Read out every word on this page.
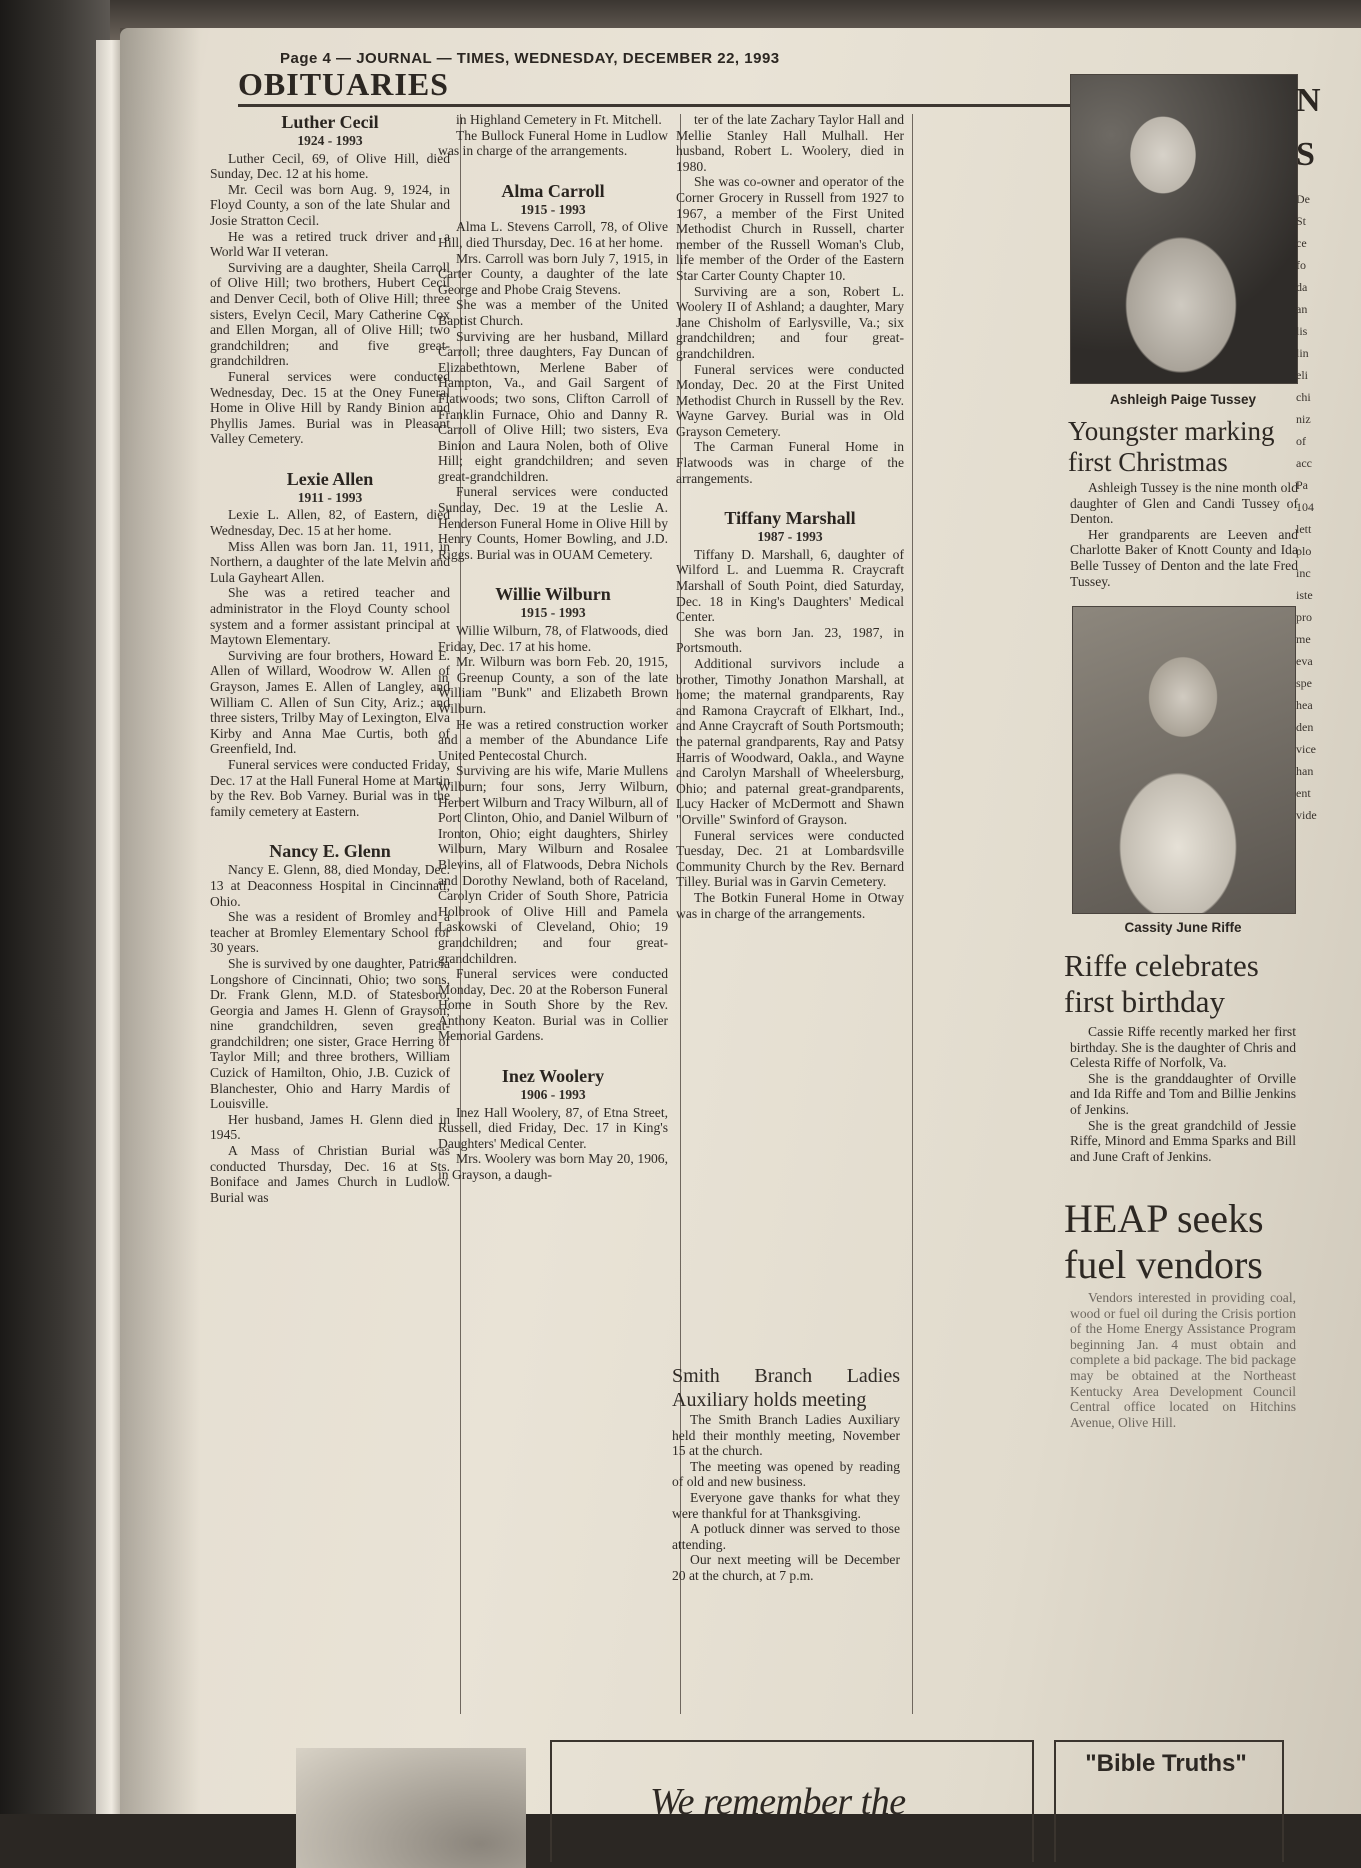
Page 4 — JOURNAL — TIMES, WEDNESDAY, DECEMBER 22, 1993
OBITUARIES
Luther Cecil
1924 - 1993

Luther Cecil, 69, of Olive Hill, died Sunday, Dec. 12 at his home.

Mr. Cecil was born Aug. 9, 1924, in Floyd County, a son of the late Shular and Josie Stratton Cecil.

He was a retired truck driver and a World War II veteran.

Surviving are a daughter, Sheila Carroll of Olive Hill; two brothers, Hubert Cecil and Denver Cecil, both of Olive Hill; three sisters, Evelyn Cecil, Mary Catherine Cox and Ellen Morgan, all of Olive Hill; two grandchildren; and five great-grandchildren.

Funeral services were conducted Wednesday, Dec. 15 at the Oney Funeral Home in Olive Hill by Randy Binion and Phyllis James. Burial was in Pleasant Valley Cemetery.

Lexie Allen
1911 - 1993

Lexie L. Allen, 82, of Eastern, died Wednesday, Dec. 15 at her home.

Miss Allen was born Jan. 11, 1911, in Northern, a daughter of the late Melvin and Lula Gayheart Allen.

She was a retired teacher and administrator in the Floyd County school system and a former assistant principal at Maytown Elementary.

Surviving are four brothers, Howard E. Allen of Willard, Woodrow W. Allen of Grayson, James E. Allen of Langley, and William C. Allen of Sun City, Ariz.; and three sisters, Trilby May of Lexington, Elva Kirby and Anna Mae Curtis, both of Greenfield, Ind.

Funeral services were conducted Friday, Dec. 17 at the Hall Funeral Home at Martin by the Rev. Bob Varney. Burial was in the family cemetery at Eastern.

Nancy E. Glenn

Nancy E. Glenn, 88, died Monday, Dec. 13 at Deaconness Hospital in Cincinnati, Ohio.

She was a resident of Bromley and a teacher at Bromley Elementary School for 30 years.

She is survived by one daughter, Patricia Longshore of Cincinnati, Ohio; two sons, Dr. Frank Glenn, M.D. of Statesboro, Georgia and James H. Glenn of Grayson; nine grandchildren, seven great-grandchildren; one sister, Grace Herring of Taylor Mill; and three brothers, William Cuzick of Hamilton, Ohio, J.B. Cuzick of Blanchester, Ohio and Harry Mardis of Louisville.

Her husband, James H. Glenn died in 1945.

A Mass of Christian Burial was conducted Thursday, Dec. 16 at Sts. Boniface and James Church in Ludlow. Burial was

in Highland Cemetery in Ft. Mitchell.

The Bullock Funeral Home in Ludlow was in charge of the arrangements.

Alma Carroll
1915 - 1993

Alma L. Stevens Carroll, 78, of Olive Hill, died Thursday, Dec. 16 at her home.

Mrs. Carroll was born July 7, 1915, in Carter County, a daughter of the late George and Phobe Craig Stevens.

She was a member of the United Baptist Church.

Surviving are her husband, Millard Carroll; three daughters, Fay Duncan of Elizabethtown, Merlene Baber of Hampton, Va., and Gail Sargent of Flatwoods; two sons, Clifton Carroll of Franklin Furnace, Ohio and Danny R. Carroll of Olive Hill; two sisters, Eva Binion and Laura Nolen, both of Olive Hill; eight grandchildren; and seven great-grandchildren.

Funeral services were conducted Sunday, Dec. 19 at the Leslie A. Henderson Funeral Home in Olive Hill by Henry Counts, Homer Bowling, and J.D. Riggs. Burial was in OUAM Cemetery.

Willie Wilburn
1915 - 1993

Willie Wilburn, 78, of Flatwoods, died Friday, Dec. 17 at his home.

Mr. Wilburn was born Feb. 20, 1915, in Greenup County, a son of the late William "Bunk" and Elizabeth Brown Wilburn.

He was a retired construction worker and a member of the Abundance Life United Pentecostal Church.

Surviving are his wife, Marie Mullens Wilburn; four sons, Jerry Wilburn, Herbert Wilburn and Tracy Wilburn, all of Port Clinton, Ohio, and Daniel Wilburn of Ironton, Ohio; eight daughters, Shirley Wilburn, Mary Wilburn and Rosalee Blevins, all of Flatwoods, Debra Nichols and Dorothy Newland, both of Raceland, Carolyn Crider of South Shore, Patricia Holbrook of Olive Hill and Pamela Laskowski of Cleveland, Ohio; 19 grandchildren; and four great-grandchildren.

Funeral services were conducted Monday, Dec. 20 at the Roberson Funeral Home in South Shore by the Rev. Anthony Keaton. Burial was in Collier Memorial Gardens.

Inez Woolery
1906 - 1993

Inez Hall Woolery, 87, of Etna Street, Russell, died Friday, Dec. 17 in King's Daughters' Medical Center.

Mrs. Woolery was born May 20, 1906, in Grayson, a daugh-

ter of the late Zachary Taylor Hall and Mellie Stanley Hall Mulhall. Her husband, Robert L. Woolery, died in 1980.

She was co-owner and operator of the Corner Grocery in Russell from 1927 to 1967, a member of the First United Methodist Church in Russell, charter member of the Russell Woman's Club, life member of the Order of the Eastern Star Carter County Chapter 10.

Surviving are a son, Robert L. Woolery II of Ashland; a daughter, Mary Jane Chisholm of Earlysville, Va.; six grandchildren; and four great-grandchildren.

Funeral services were conducted Monday, Dec. 20 at the First United Methodist Church in Russell by the Rev. Wayne Garvey. Burial was in Old Grayson Cemetery.

The Carman Funeral Home in Flatwoods was in charge of the arrangements.

Tiffany Marshall
1987 - 1993

Tiffany D. Marshall, 6, daughter of Wilford L. and Luemma R. Craycraft Marshall of South Point, died Saturday, Dec. 18 in King's Daughters' Medical Center.

She was born Jan. 23, 1987, in Portsmouth.

Additional survivors include a brother, Timothy Jonathon Marshall, at home; the maternal grandparents, Ray and Ramona Craycraft of Elkhart, Ind., and Anne Craycraft of South Portsmouth; the paternal grandparents, Ray and Patsy Harris of Woodward, Oakla., and Wayne and Carolyn Marshall of Wheelersburg, Ohio; and paternal great-grandparents, Lucy Hacker of McDermott and Shawn "Orville" Swinford of Grayson.

Funeral services were conducted Tuesday, Dec. 21 at Lombardsville Community Church by the Rev. Bernard Tilley. Burial was in Garvin Cemetery.

The Botkin Funeral Home in Otway was in charge of the arrangements.

Smith Branch Ladies Auxiliary holds meeting

The Smith Branch Ladies Auxiliary held their monthly meeting, November 15 at the church.

The meeting was opened by reading of old and new business.

Everyone gave thanks for what they were thankful for at Thanksgiving.

A potluck dinner was served to those attending.

Our next meeting will be December 20 at the church, at 7 p.m.

Ashleigh Paige Tussey
Youngster marking first Christmas

Ashleigh Tussey is the nine month old daughter of Glen and Candi Tussey of Denton.

Her grandparents are Leeven and Charlotte Baker of Knott County and Ida Belle Tussey of Denton and the late Fred Tussey.

Cassity June Riffe
Riffe celebrates first birthday

Cassie Riffe recently marked her first birthday. She is the daughter of Chris and Celesta Riffe of Norfolk, Va.

She is the granddaughter of Orville and Ida Riffe and Tom and Billie Jenkins of Jenkins.

She is the great grandchild of Jessie Riffe, Minord and Emma Sparks and Bill and June Craft of Jenkins.

HEAP seeks fuel vendors

Vendors interested in providing coal, wood or fuel oil during the Crisis portion of the Home Energy Assistance Program beginning Jan. 4 must obtain and complete a bid package. The bid package may be obtained at the Northeast Kentucky Area Development Council Central office located on Hitchins Avenue, Olive Hill.

N
S
De
St
ce
fo
da
an
lis
lin
eli
chi
niz
of
acc
Pa
104
lett
plo
inc
iste
pro
me
eva
spe
hea
den
vice
han
ent
vide
We remember the
"Bible Truths"
